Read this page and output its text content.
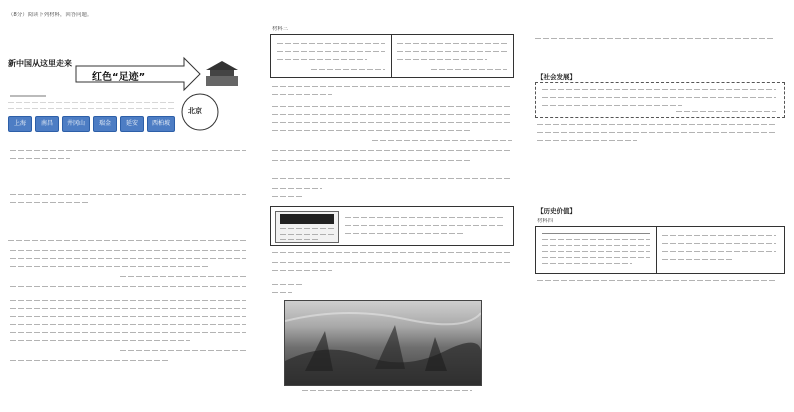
（8分）阅读下列材料，回答问题。
新中国从这里走来
红色“足迹”
北京
上海	南昌	井冈山	瑞金	延安	西柏坡
材料三
【社会发展】
【历史价值】
材料四
